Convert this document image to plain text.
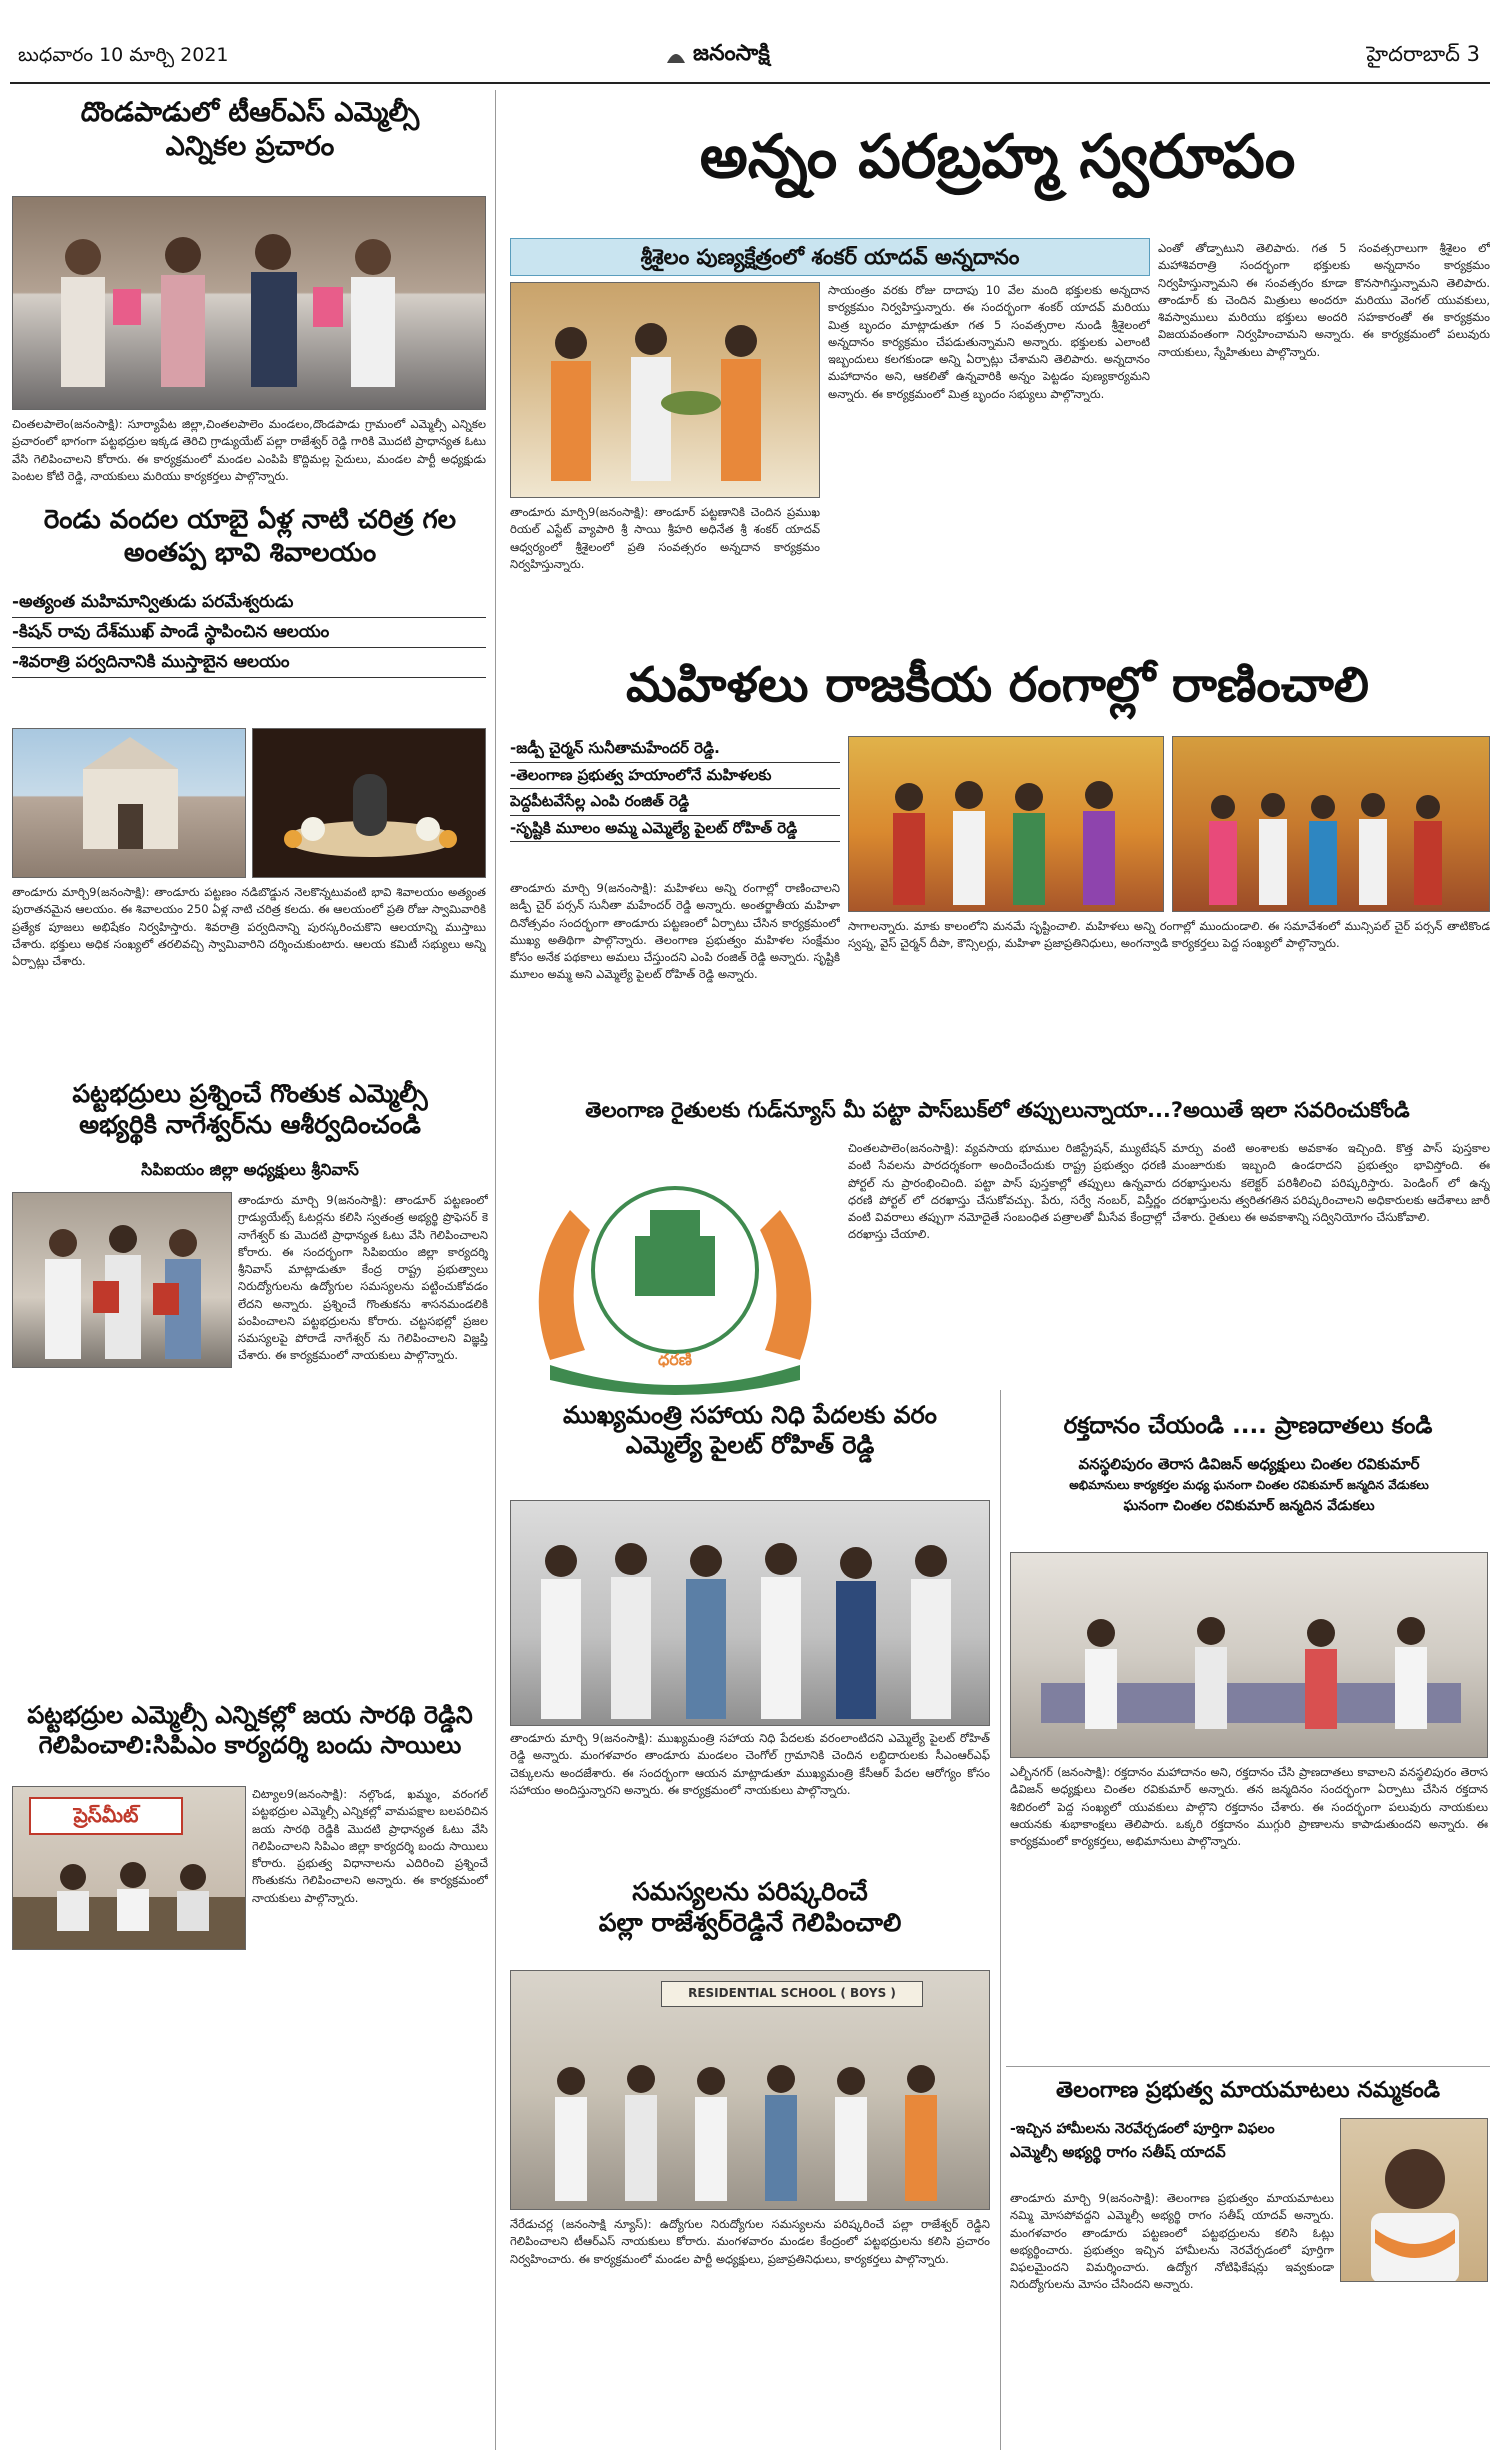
బుధవారం 10 మార్చి 2021	జనంసాక్షి	హైదరాబాద్ 3
దొండపాడులో టీఆర్ఎస్ ఎమ్మెల్సీ
ఎన్నికల ప్రచారం
చింతలపాలెం(జనంసాక్షి): సూర్యాపేట జిల్లా,చింతలపాలెం మండలం,దొండపాడు గ్రామంలో ఎమ్మెల్సీ ఎన్నికల ప్రచారంలో భాగంగా పట్టభద్రుల ఇక్కడ తెరిచి గ్రాడ్యుయేట్ పల్లా రాజేశ్వర్ రెడ్డి గారికి మొదటి ప్రాధాన్యత ఓటు వేసి గెలిపించాలని కోరారు. ఈ కార్యక్రమంలో మండల ఎంపిపి కొద్దిమల్ల సైదులు, మండల పార్టీ అధ్యక్షుడు పెంటల కోటి రెడ్డి, నాయకులు మరియు కార్యకర్తలు పాల్గొన్నారు.
రెండు వందల యాబై ఏళ్ల నాటి చరిత్ర గల
అంతప్ప భావి శివాలయం
-అత్యంత మహిమాన్వితుడు పరమేశ్వరుడు
-కిషన్ రావు దేశ్‌ముఖ్ పాండే స్థాపించిన ఆలయం
-శివరాత్రి పర్వదినానికి ముస్తాబైన ఆలయం
తాండూరు మార్చి9(జనంసాక్షి): తాండూరు పట్టణం నడిబొడ్డున నెలకొన్నటువంటి భావి శివాలయం అత్యంత పురాతనమైన ఆలయం. ఈ శివాలయం 250 ఏళ్ల నాటి చరిత్ర కలదు. ఈ ఆలయంలో ప్రతి రోజు స్వామివారికి ప్రత్యేక పూజలు అభిషేకం నిర్వహిస్తారు. శివరాత్రి పర్వదినాన్ని పురస్కరించుకొని ఆలయాన్ని ముస్తాబు చేశారు. భక్తులు అధిక సంఖ్యలో తరలివచ్చి స్వామివారిని దర్శించుకుంటారు. ఆలయ కమిటీ సభ్యులు అన్ని ఏర్పాట్లు చేశారు.
పట్టభద్రులు ప్రశ్నించే గొంతుక ఎమ్మెల్సీ
అభ్యర్థికి నాగేశ్వర్‌ను ఆశీర్వదించండి
సిపిఐయం జిల్లా అధ్యక్షులు శ్రీనివాస్
తాండూరు మార్చి 9(జనంసాక్షి): తాండూర్ పట్టణంలో గ్రాడ్యుయేట్స్ ఓటర్లను కలిసి స్వతంత్ర అభ్యర్థి ప్రొఫెసర్ కె నాగేశ్వర్ కు మొదటి ప్రాధాన్యత ఓటు వేసి గెలిపించాలని కోరారు. ఈ సందర్భంగా సిపిఐయం జిల్లా కార్యదర్శి శ్రీనివాస్ మాట్లాడుతూ కేంద్ర రాష్ట్ర ప్రభుత్వాలు నిరుద్యోగులను ఉద్యోగుల సమస్యలను పట్టించుకోవడం లేదని అన్నారు. ప్రశ్నించే గొంతుకను శాసనమండలికి పంపించాలని పట్టభద్రులను కోరారు. చట్టసభల్లో ప్రజల సమస్యలపై పోరాడే నాగేశ్వర్ ను గెలిపించాలని విజ్ఞప్తి చేశారు. ఈ కార్యక్రమంలో నాయకులు పాల్గొన్నారు.
పట్టభద్రుల ఎమ్మెల్సీ ఎన్నికల్లో జయ సారథి రెడ్డిని
గెలిపించాలి:సిపిఎం కార్యదర్శి బందు సాయిలు
ప్రెస్‌మీట్
చిట్యాల9(జనంసాక్షి): నల్గొండ, ఖమ్మం, వరంగల్ పట్టభద్రుల ఎమ్మెల్సీ ఎన్నికల్లో వామపక్షాల బలపరిచిన జయ సారథి రెడ్డికి మొదటి ప్రాధాన్యత ఓటు వేసి గెలిపించాలని సిపిఎం జిల్లా కార్యదర్శి బందు సాయిలు కోరారు. ప్రభుత్వ విధానాలను ఎదిరించి ప్రశ్నించే గొంతుకను గెలిపించాలని అన్నారు. ఈ కార్యక్రమంలో నాయకులు పాల్గొన్నారు.
అన్నం పరబ్రహ్మ స్వరూపం
శ్రీశైలం పుణ్యక్షేత్రంలో శంకర్ యాదవ్ అన్నదానం
తాండూరు మార్చి9(జనంసాక్షి): తాండూర్ పట్టణానికి చెందిన ప్రముఖ రియల్ ఎస్టేట్ వ్యాపారి శ్రీ సాయి శ్రీహరి అధినేత శ్రీ శంకర్ యాదవ్ ఆధ్వర్యంలో శ్రీశైలంలో ప్రతి సంవత్సరం అన్నదాన కార్యక్రమం నిర్వహిస్తున్నారు.
సాయంత్రం వరకు రోజు దాదాపు 10 వేల మంది భక్తులకు అన్నదాన కార్యక్రమం నిర్వహిస్తున్నారు. ఈ సందర్భంగా శంకర్ యాదవ్ మరియు మిత్ర బృందం మాట్లాడుతూ గత 5 సంవత్సరాల నుండి శ్రీశైలంలో అన్నదానం కార్యక్రమం చేపడుతున్నామని అన్నారు. భక్తులకు ఎలాంటి ఇబ్బందులు కలగకుండా అన్ని ఏర్పాట్లు చేశామని తెలిపారు. అన్నదానం మహాదానం అని, ఆకలితో ఉన్నవారికి అన్నం పెట్టడం పుణ్యకార్యమని అన్నారు. ఈ కార్యక్రమంలో మిత్ర బృందం సభ్యులు పాల్గొన్నారు.
ఎంతో తోడ్పాటుని తెలిపారు. గత 5 సంవత్సరాలుగా శ్రీశైలం లో మహాశివరాత్రి సందర్భంగా భక్తులకు అన్నదానం కార్యక్రమం నిర్వహిస్తున్నామని ఈ సంవత్సరం కూడా కొనసాగిస్తున్నామని తెలిపారు. తాండూర్ కు చెందిన మిత్రులు అందరూ మరియు వెంగల్ యువకులు, శివస్వాములు మరియు భక్తులు అందరి సహకారంతో ఈ కార్యక్రమం విజయవంతంగా నిర్వహించామని అన్నారు. ఈ కార్యక్రమంలో పలువురు నాయకులు, స్నేహితులు పాల్గొన్నారు.
మహిళలు రాజకీయ రంగాల్లో రాణించాలి
-జడ్పీ చైర్మన్ సునీతామహేందర్ రెడ్డి.
-తెలంగాణ ప్రభుత్వ హయాంలోనే మహిళలకు
పెద్దపీటవేసేల్ల ఎంపి రంజిత్ రెడ్డి
-సృష్టికి మూలం అమ్మ ఎమ్మెల్యే పైలట్ రోహిత్ రెడ్డి
తాండూరు మార్చి 9(జనంసాక్షి): మహిళలు అన్ని రంగాల్లో రాణించాలని జడ్పీ చైర్ పర్సన్ సునీతా మహేందర్ రెడ్డి అన్నారు. అంతర్జాతీయ మహిళా దినోత్సవం సందర్భంగా తాండూరు పట్టణంలో ఏర్పాటు చేసిన కార్యక్రమంలో ముఖ్య అతిథిగా పాల్గొన్నారు. తెలంగాణ ప్రభుత్వం మహిళల సంక్షేమం కోసం అనేక పథకాలు అమలు చేస్తుందని ఎంపి రంజిత్ రెడ్డి అన్నారు. సృష్టికి మూలం అమ్మ అని ఎమ్మెల్యే పైలట్ రోహిత్ రెడ్డి అన్నారు.
సాగాలన్నారు. మాకు కాలంలోని మనమే సృష్టించాలి. మహిళలు అన్ని రంగాల్లో ముందుండాలి. ఈ సమావేశంలో మున్సిపల్ చైర్ పర్సన్ తాటికొండ స్వప్న, వైస్ చైర్మన్ దీపా, కౌన్సిలర్లు, మహిళా ప్రజాప్రతినిధులు, అంగన్వాడి కార్యకర్తలు పెద్ద సంఖ్యలో పాల్గొన్నారు.
తెలంగాణ రైతులకు గుడ్‌న్యూస్ మీ పట్టా పాస్‌బుక్‌లో తప్పులున్నాయా...?అయితే ఇలా సవరించుకోండి
ధరణి
చింతలపాలెం(జనంసాక్షి): వ్యవసాయ భూముల రిజిస్ట్రేషన్, మ్యుటేషన్ వంటి సేవలను పారదర్శకంగా అందించేందుకు రాష్ట్ర ప్రభుత్వం ధరణి పోర్టల్ ను ప్రారంభించింది. పట్టా పాస్ పుస్తకాల్లో తప్పులు ఉన్నవారు ధరణి పోర్టల్ లో దరఖాస్తు చేసుకోవచ్చు. పేరు, సర్వే నంబర్, విస్తీర్ణం వంటి వివరాలు తప్పుగా నమోదైతే సంబంధిత పత్రాలతో మీసేవ కేంద్రాల్లో దరఖాస్తు చేయాలి.
మార్పు వంటి అంశాలకు అవకాశం ఇచ్చింది. కొత్త పాస్ పుస్తకాల మంజూరుకు ఇబ్బంది ఉండరాదని ప్రభుత్వం భావిస్తోంది. ఈ దరఖాస్తులను కలెక్టర్ పరిశీలించి పరిష్కరిస్తారు. పెండింగ్ లో ఉన్న దరఖాస్తులను త్వరితగతిన పరిష్కరించాలని అధికారులకు ఆదేశాలు జారీ చేశారు. రైతులు ఈ అవకాశాన్ని సద్వినియోగం చేసుకోవాలి.
ముఖ్యమంత్రి సహాయ నిధి పేదలకు వరం
ఎమ్మెల్యే పైలట్ రోహిత్ రెడ్డి
తాండూరు మార్చి 9(జనంసాక్షి): ముఖ్యమంత్రి సహాయ నిధి పేదలకు వరంలాంటిదని ఎమ్మెల్యే పైలట్ రోహిత్ రెడ్డి అన్నారు. మంగళవారం తాండూరు మండలం చెంగోల్ గ్రామానికి చెందిన లబ్ధిదారులకు సీఎంఆర్ఎఫ్ చెక్కులను అందజేశారు. ఈ సందర్భంగా ఆయన మాట్లాడుతూ ముఖ్యమంత్రి కేసీఆర్ పేదల ఆరోగ్యం కోసం సహాయం అందిస్తున్నారని అన్నారు. ఈ కార్యక్రమంలో నాయకులు పాల్గొన్నారు.
సమస్యలను పరిష్కరించే
పల్లా రాజేశ్వర్‌రెడ్డినే గెలిపించాలి
RESIDENTIAL SCHOOL ( BOYS )
నేరేడుచర్ల (జనంసాక్షి న్యూస్): ఉద్యోగుల నిరుద్యోగుల సమస్యలను పరిష్కరించే పల్లా రాజేశ్వర్ రెడ్డిని గెలిపించాలని టీఆర్ఎస్ నాయకులు కోరారు. మంగళవారం మండల కేంద్రంలో పట్టభద్రులను కలిసి ప్రచారం నిర్వహించారు. ఈ కార్యక్రమంలో మండల పార్టీ అధ్యక్షులు, ప్రజాప్రతినిధులు, కార్యకర్తలు పాల్గొన్నారు.
రక్తదానం చేయండి .... ప్రాణదాతలు కండి
వనస్థలిపురం తెరాస డివిజన్ అధ్యక్షులు చింతల రవికుమార్
అభిమానులు కార్యకర్తల మధ్య ఘనంగా చింతల రవికుమార్ జన్మదిన వేడుకలు
ఘనంగా చింతల రవికుమార్ జన్మదిన వేడుకలు
ఎల్బీనగర్ (జనంసాక్షి): రక్తదానం మహాదానం అని, రక్తదానం చేసి ప్రాణదాతలు కావాలని వనస్థలిపురం తెరాస డివిజన్ అధ్యక్షులు చింతల రవికుమార్ అన్నారు. తన జన్మదినం సందర్భంగా ఏర్పాటు చేసిన రక్తదాన శిబిరంలో పెద్ద సంఖ్యలో యువకులు పాల్గొని రక్తదానం చేశారు. ఈ సందర్భంగా పలువురు నాయకులు ఆయనకు శుభాకాంక్షలు తెలిపారు. ఒక్కరి రక్తదానం ముగ్గురి ప్రాణాలను కాపాడుతుందని అన్నారు. ఈ కార్యక్రమంలో కార్యకర్తలు, అభిమానులు పాల్గొన్నారు.
తెలంగాణ ప్రభుత్వ మాయమాటలు నమ్మకండి
-ఇచ్చిన హామీలను నెరవేర్చడంలో పూర్తిగా విఫలం
ఎమ్మెల్సీ అభ్యర్థి రాగం సతీష్ యాదవ్
తాండూరు మార్చి 9(జనంసాక్షి): తెలంగాణ ప్రభుత్వం మాయమాటలు నమ్మి మోసపోవద్దని ఎమ్మెల్సీ అభ్యర్థి రాగం సతీష్ యాదవ్ అన్నారు. మంగళవారం తాండూరు పట్టణంలో పట్టభద్రులను కలిసి ఓట్లు అభ్యర్థించారు. ప్రభుత్వం ఇచ్చిన హామీలను నెరవేర్చడంలో పూర్తిగా విఫలమైందని విమర్శించారు. ఉద్యోగ నోటిఫికేషన్లు ఇవ్వకుండా నిరుద్యోగులను మోసం చేసిందని అన్నారు.
